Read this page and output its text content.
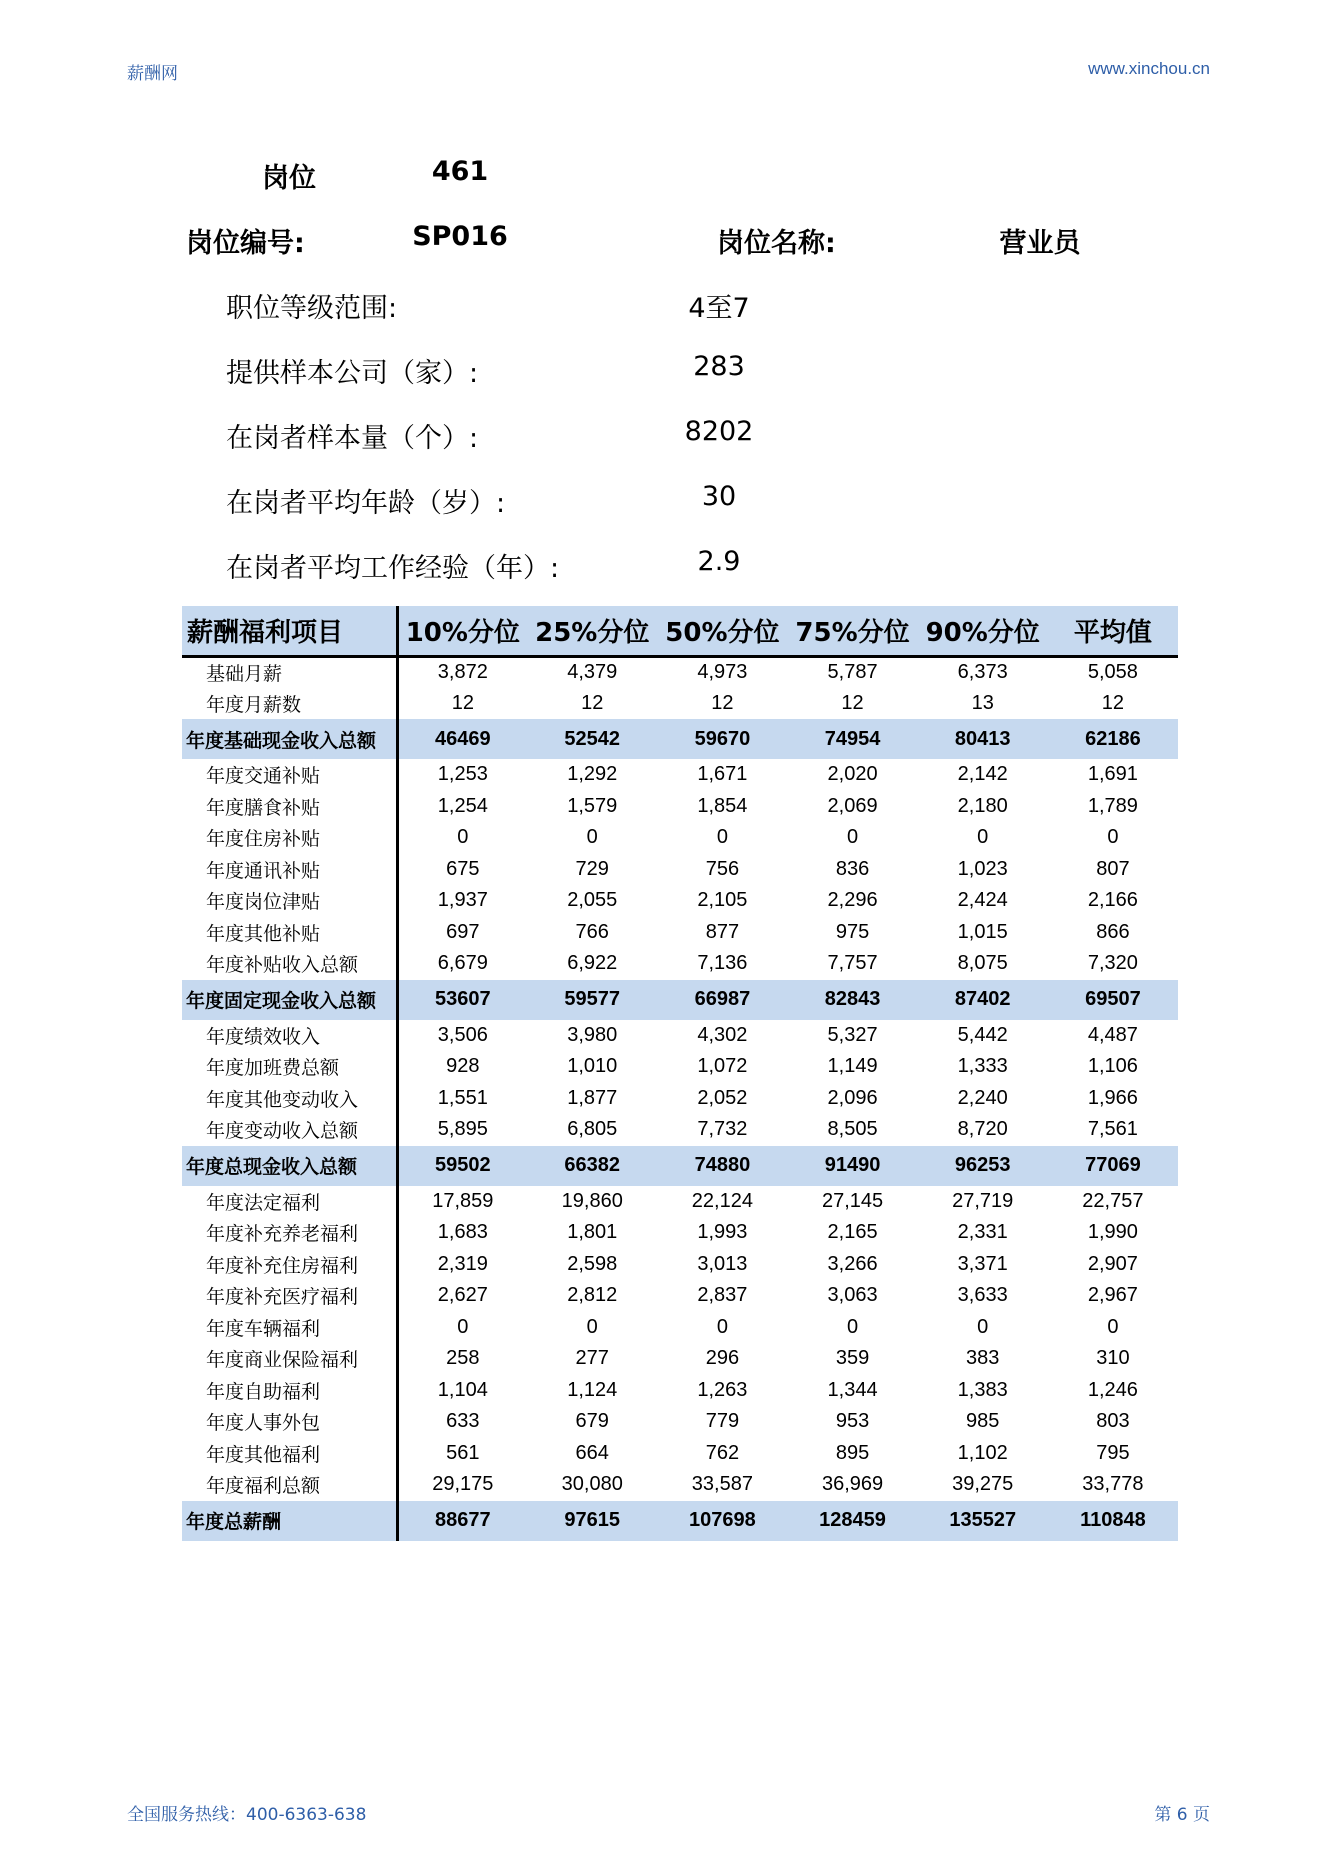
薪酬网	www.xinchou.cn
岗位	461
岗位编号:	SP016	岗位名称:	营业员
职位等级范围:	4至7
提供样本公司（家）:	283
在岗者样本量（个）:	8202
在岗者平均年龄（岁）:	30
在岗者平均工作经验（年）:	2.9
薪酬福利项目	10%分位	25%分位	50%分位	75%分位	90%分位	平均值
基础月薪	3,872	4,379	4,973	5,787	6,373	5,058
年度月薪数	12	12	12	12	13	12
年度基础现金收入总额	46469	52542	59670	74954	80413	62186
年度交通补贴	1,253	1,292	1,671	2,020	2,142	1,691
年度膳食补贴	1,254	1,579	1,854	2,069	2,180	1,789
年度住房补贴	0	0	0	0	0	0
年度通讯补贴	675	729	756	836	1,023	807
年度岗位津贴	1,937	2,055	2,105	2,296	2,424	2,166
年度其他补贴	697	766	877	975	1,015	866
年度补贴收入总额	6,679	6,922	7,136	7,757	8,075	7,320
年度固定现金收入总额	53607	59577	66987	82843	87402	69507
年度绩效收入	3,506	3,980	4,302	5,327	5,442	4,487
年度加班费总额	928	1,010	1,072	1,149	1,333	1,106
年度其他变动收入	1,551	1,877	2,052	2,096	2,240	1,966
年度变动收入总额	5,895	6,805	7,732	8,505	8,720	7,561
年度总现金收入总额	59502	66382	74880	91490	96253	77069
年度法定福利	17,859	19,860	22,124	27,145	27,719	22,757
年度补充养老福利	1,683	1,801	1,993	2,165	2,331	1,990
年度补充住房福利	2,319	2,598	3,013	3,266	3,371	2,907
年度补充医疗福利	2,627	2,812	2,837	3,063	3,633	2,967
年度车辆福利	0	0	0	0	0	0
年度商业保险福利	258	277	296	359	383	310
年度自助福利	1,104	1,124	1,263	1,344	1,383	1,246
年度人事外包	633	679	779	953	985	803
年度其他福利	561	664	762	895	1,102	795
年度福利总额	29,175	30,080	33,587	36,969	39,275	33,778
年度总薪酬	88677	97615	107698	128459	135527	110848
全国服务热线：400-6363-638	第 6 页
